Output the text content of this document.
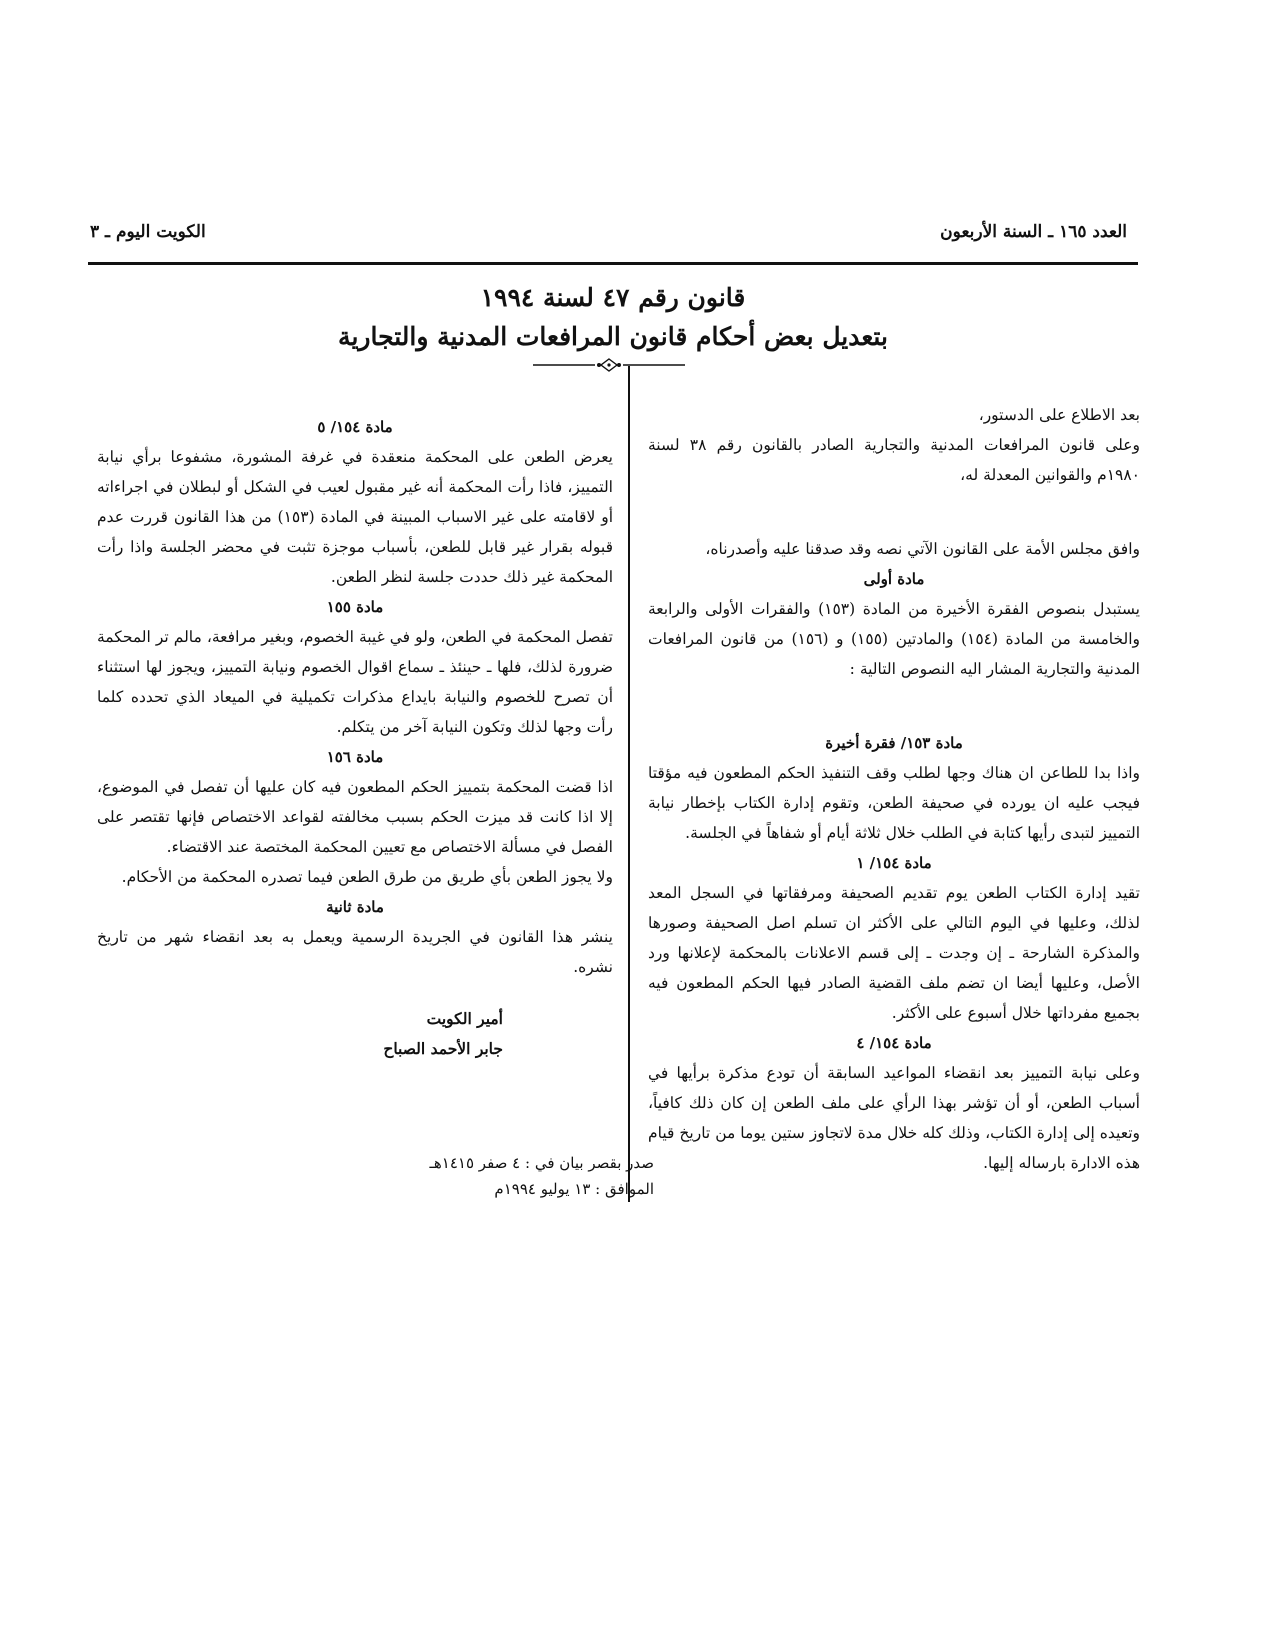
العدد ١٦٥ ـ السنة الأربعون
الكويت اليوم ـ ٣
قانون رقم ٤٧ لسنة ١٩٩٤
بتعديل بعض أحكام قانون المرافعات المدنية والتجارية

بعد الاطلاع على الدستور،

وعلى قانون المرافعات المدنية والتجارية الصادر بالقانون رقم ٣٨ لسنة ١٩٨٠م والقوانين المعدلة له،

وافق مجلس الأمة على القانون الآتي نصه وقد صدقنا عليه وأصدرناه،

مادة أولى

يستبدل بنصوص الفقرة الأخيرة من المادة (١٥٣) والفقرات الأولى والرابعة والخامسة من المادة (١٥٤) والمادتين (١٥٥) و (١٥٦) من قانون المرافعات المدنية والتجارية المشار اليه النصوص التالية :

مادة ١٥٣/ فقرة أخيرة

واذا بدا للطاعن ان هناك وجها لطلب وقف التنفيذ الحكم المطعون فيه مؤقتا فيجب عليه ان يورده في صحيفة الطعن، وتقوم إدارة الكتاب بإخطار نيابة التمييز لتبدى رأيها كتابة في الطلب خلال ثلاثة أيام أو شفاهاً في الجلسة.

مادة ١٥٤/ ١

تقيد إدارة الكتاب الطعن يوم تقديم الصحيفة ومرفقاتها في السجل المعد لذلك، وعليها في اليوم التالي على الأكثر ان تسلم اصل الصحيفة وصورها والمذكرة الشارحة ـ إن وجدت ـ إلى قسم الاعلانات بالمحكمة لإعلانها ورد الأصل، وعليها أيضا ان تضم ملف القضية الصادر فيها الحكم المطعون فيه بجميع مفرداتها خلال أسبوع على الأكثر.

مادة ١٥٤/ ٤

وعلى نيابة التمييز بعد انقضاء المواعيد السابقة أن تودع مذكرة برأيها في أسباب الطعن، أو أن تؤشر بهذا الرأي على ملف الطعن إن كان ذلك كافياً، وتعيده إلى إدارة الكتاب، وذلك كله خلال مدة لاتجاوز ستين يوما من تاريخ قيام هذه الادارة بارساله إليها.

مادة ١٥٤/ ٥

يعرض الطعن على المحكمة منعقدة في غرفة المشورة، مشفوعا برأي نيابة التمييز، فاذا رأت المحكمة أنه غير مقبول لعيب في الشكل أو لبطلان في اجراءاته أو لاقامته على غير الاسباب المبينة في المادة (١٥٣) من هذا القانون قررت عدم قبوله بقرار غير قابل للطعن، بأسباب موجزة تثبت في محضر الجلسة واذا رأت المحكمة غير ذلك حددت جلسة لنظر الطعن.

مادة ١٥٥

تفصل المحكمة في الطعن، ولو في غيبة الخصوم، وبغير مرافعة، مالم تر المحكمة ضرورة لذلك، فلها ـ حينئذ ـ سماع اقوال الخصوم ونيابة التمييز، ويجوز لها استثناء أن تصرح للخصوم والنيابة بايداع مذكرات تكميلية في الميعاد الذي تحدده كلما رأت وجها لذلك وتكون النيابة آخر من يتكلم.

مادة ١٥٦

اذا قضت المحكمة بتمييز الحكم المطعون فيه كان عليها أن تفصل في الموضوع، إلا اذا كانت قد ميزت الحكم بسبب مخالفته لقواعد الاختصاص فإنها تقتصر على الفصل في مسألة الاختصاص مع تعيين المحكمة المختصة عند الاقتضاء.

ولا يجوز الطعن بأي طريق من طرق الطعن فيما تصدره المحكمة من الأحكام.

مادة ثانية

ينشر هذا القانون في الجريدة الرسمية ويعمل به بعد انقضاء شهر من تاريخ نشره.

أمير الكويت

جابر الأحمد الصباح

صدر بقصر بيان في : ٤ صفر ١٤١٥هـ
الموافق : ١٣ يوليو ١٩٩٤م
